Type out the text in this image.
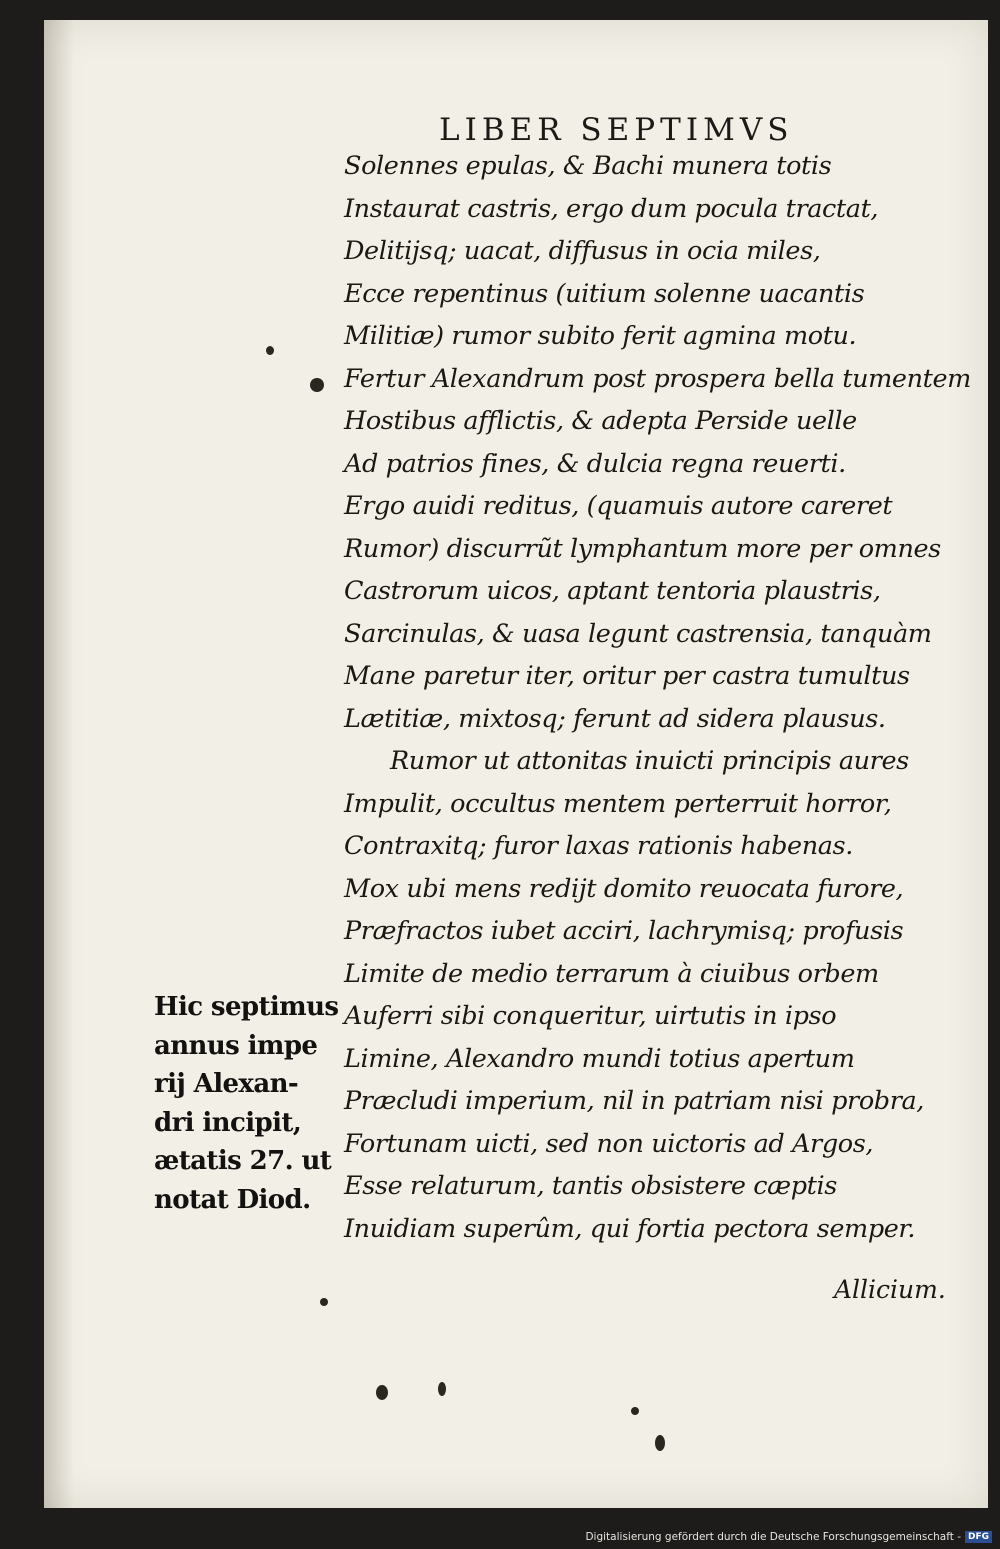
LIBER SEPTIMVS
Solennes epulas, & Bachi munera totis
Instaurat castris, ergo dum pocula tractat,
Delitijsq; uacat, diffusus in ocia miles,
Ecce repentinus (uitium solenne uacantis
Militiæ) rumor subito ferit agmina motu.
Fertur Alexandrum post prospera bella tumentem
Hostibus afflictis, & adepta Perside uelle
Ad patrios fines, & dulcia regna reuerti.
Ergo auidi reditus, (quamuis autore careret
Rumor) discurrũt lymphantum more per omnes
Castrorum uicos, aptant tentoria plaustris,
Sarcinulas, & uasa legunt castrensia, tanquàm
Mane paretur iter, oritur per castra tumultus
Lætitiæ, mixtosq; ferunt ad sidera plausus.
Rumor ut attonitas inuicti principis aures
Impulit, occultus mentem perterruit horror,
Contraxitq; furor laxas rationis habenas.
Mox ubi mens rediјt domito reuocata furore,
Præfractos iubet acciri, lachrymisq; profusis
Limite de medio terrarum à ciuibus orbem
Auferri sibi conqueritur, uirtutis in ipso
Limine, Alexandro mundi totius apertum
Præcludi imperium, nil in patriam nisi probra,
Fortunam uicti, sed non uictoris ad Argos,
Esse relaturum, tantis obsistere cæptis
Inuidiam superûm, qui fortia pectora semper.
Hic septimus
annus impe
rij Alexan-
dri incipit,
ætatis 27. ut
notat Diod.
Allicium.
Digitalisierung gefördert durch die Deutsche Forschungsgemeinschaft - DFG
